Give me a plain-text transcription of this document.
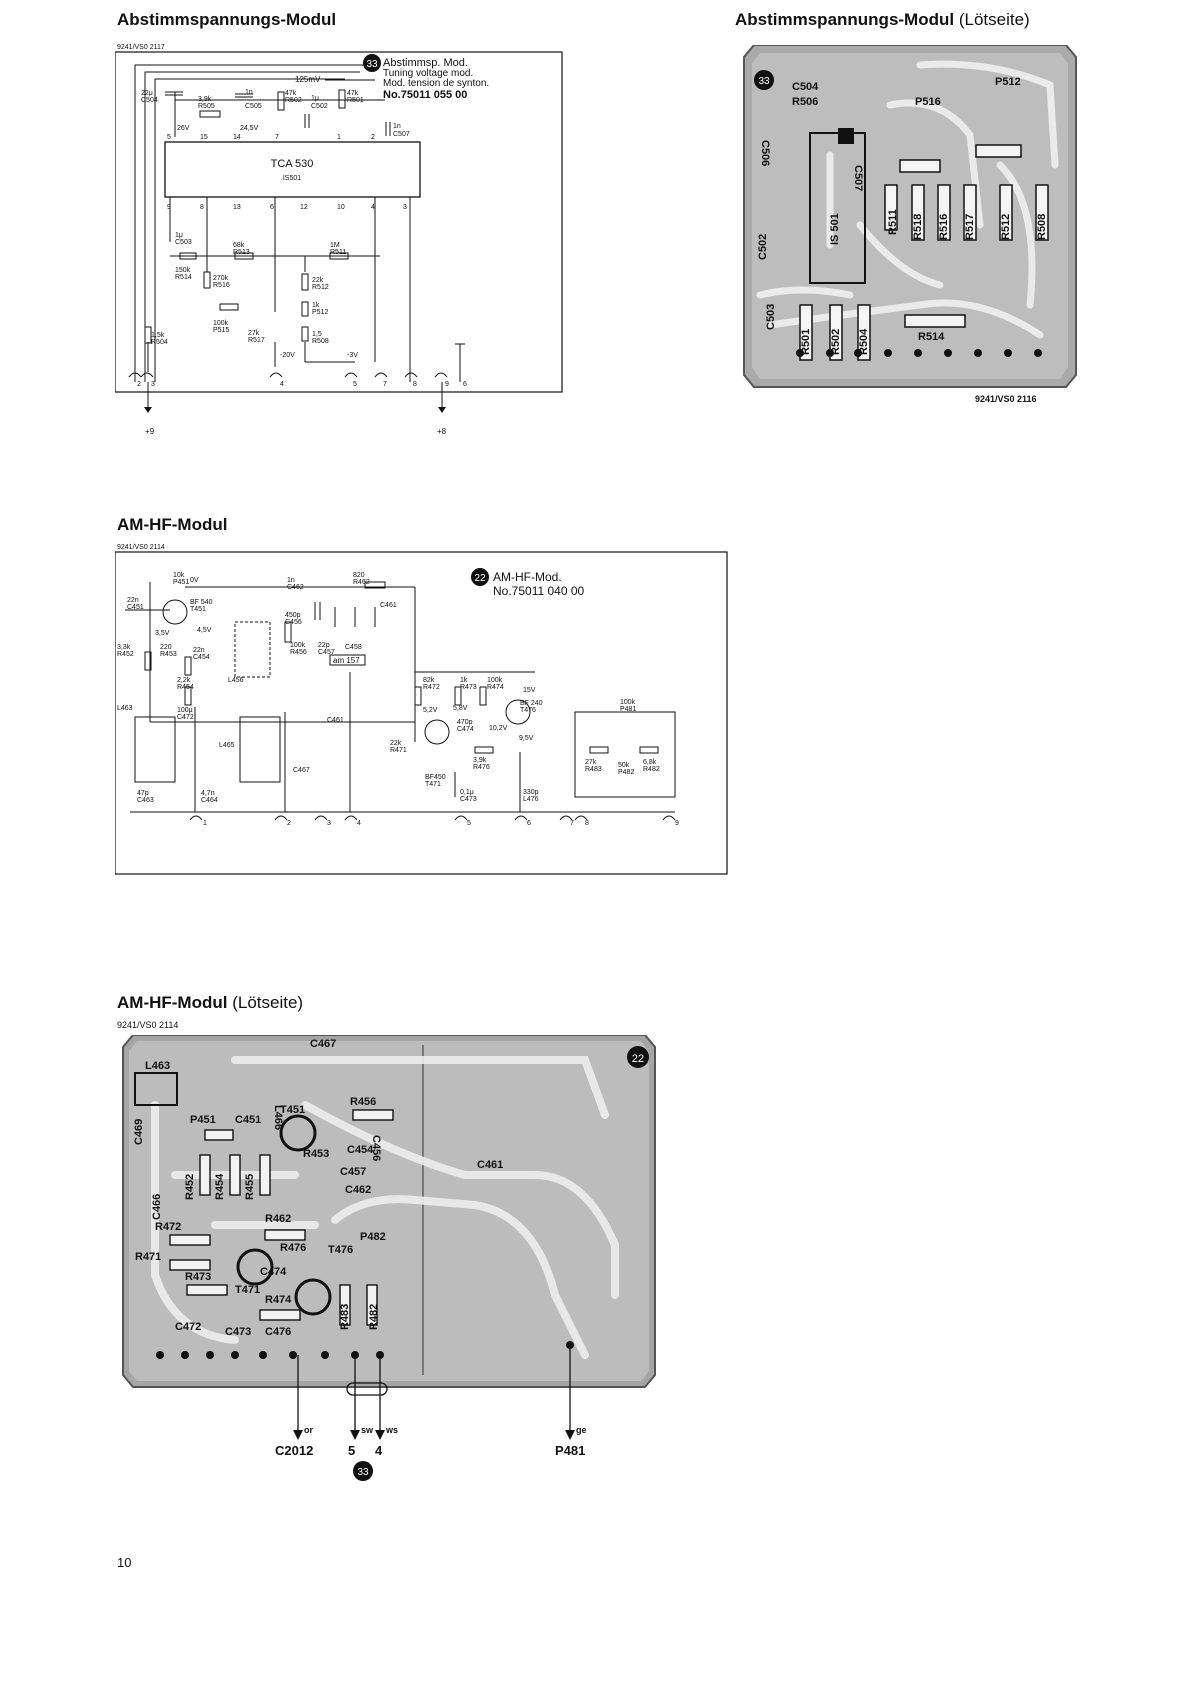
Abstimmspannungs-Modul
9241/VS0 2117
33 Abstimmsp. Mod.
Tuning voltage mod.
Mod. tension de synton.
No.75011 055 00
125mV
22μ
C504	3,9k
R505
1n
C505
47k
R502 1μ
C502
47k
R501
1n
C507
26V	24,5V
TCA 530
IS501
5	15	14	7	1	2
9	8	13	6	12	10	4	3
1μ
C503
150k
R514
68k
R513
1M
R511
270k
R516
100k
P515	27k
R517
22k
R512
1k
P512
1,5
R508
1,5k
R504
-20V	-3V
2 3	4	5	7	8	9 6
+9	+8
Abstimmspannungs-Modul (Lötseite)
33 C504
R506
P512
P516
9241/VS0 2116
C507
C506
IS 501	R511 R518 R516 R517 R512 R508
C502
C503
R501 R502 R504	R514
AM-HF-Modul
9241/VS0 2114
22 AM-HF-Mod.
No.75011 040 00
am 157
10k
P451
22n
C451
BF 540
T451
0V
3,5V	4,5V
3,3k
R452
220
R453
22n
C454
2,2k
R454
L456
1n
C462
820
R462
450p
C456
100k
R456
22p
C457
C458
C461
100μ
C472
L463
L465
47p
C463
4,7n
C464
C467
C461
82k
R472
1k
R473
100k
R474
5,2V 5,8V
470p
C474 10,2V
15V
BF 240
T476
9,5V
22k
R471
3,9k
R476
BF450
T471
0,1μ
C473
330p
L476
100k
P481
27k
R483
50k
P482
6,8k
R482
1	2	3	4	5	6	7 8	9
AM-HF-Modul (Lötseite)
9241/VS0 2114
22
L463
C467
P451 C451
T451
R456
R453
C457
C454
C462
C461
R472
R471
R462
T471
R476 T476
R473	C474
P482
C472 C473 C476
R474
L466
C456
C469
C466
R452 R454 R455
R483 R482
or	sw ws	ge
C2012	5 4	P481
33
10
